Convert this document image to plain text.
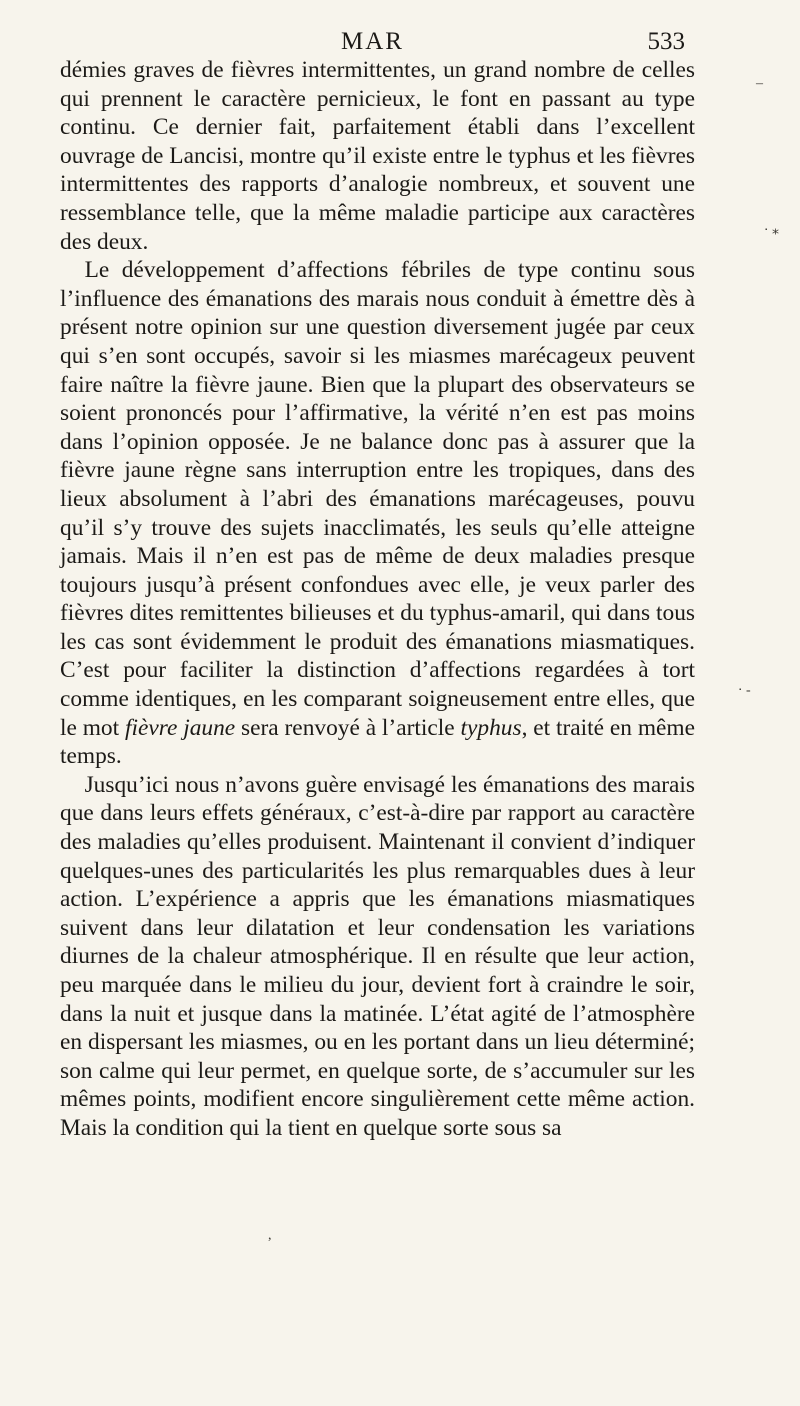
MAR	533

démies graves de fièvres intermittentes, un grand nombre de celles qui prennent le caractère pernicieux, le font en passant au type continu. Ce dernier fait, parfaitement établi dans l’excellent ouvrage de Lancisi, montre qu’il existe entre le typhus et les fièvres intermittentes des rapports d’analogie nombreux, et souvent une ressemblance telle, que la même maladie participe aux caractères des deux.

Le développement d’affections fébriles de type continu sous l’influence des émanations des marais nous conduit à émettre dès à présent notre opinion sur une question diversement jugée par ceux qui s’en sont occupés, savoir si les miasmes marécageux peuvent faire naître la fièvre jaune. Bien que la plupart des observateurs se soient prononcés pour l’affirmative, la vérité n’en est pas moins dans l’opinion opposée. Je ne balance donc pas à assurer que la fièvre jaune règne sans interruption entre les tropiques, dans des lieux absolument à l’abri des émanations marécageuses, pouvu qu’il s’y trouve des sujets inacclimatés, les seuls qu’elle atteigne jamais. Mais il n’en est pas de même de deux maladies presque toujours jusqu’à présent confondues avec elle, je veux parler des fièvres dites remittentes bilieuses et du typhus-amaril, qui dans tous les cas sont évidemment le produit des émanations miasmatiques. C’est pour faciliter la distinction d’affections regardées à tort comme identiques, en les comparant soigneusement entre elles, que le mot fièvre jaune sera renvoyé à l’article typhus, et traité en même temps.

Jusqu’ici nous n’avons guère envisagé les émanations des marais que dans leurs effets généraux, c’est-à-dire par rapport au caractère des maladies qu’elles produisent. Maintenant il convient d’indiquer quelques-unes des particularités les plus remarquables dues à leur action. L’expérience a appris que les émanations miasmatiques suivent dans leur dilatation et leur condensation les variations diurnes de la chaleur atmosphérique. Il en résulte que leur action, peu marquée dans le milieu du jour, devient fort à craindre le soir, dans la nuit et jusque dans la matinée. L’état agité de l’atmosphère en dispersant les miasmes, ou en les portant dans un lieu déterminé; son calme qui leur permet, en quelque sorte, de s’accumuler sur les mêmes points, modifient encore singulièrement cette même action. Mais la condition qui la tient en quelque sorte sous sa

–
⋅ ⁎
⋅ -
,
